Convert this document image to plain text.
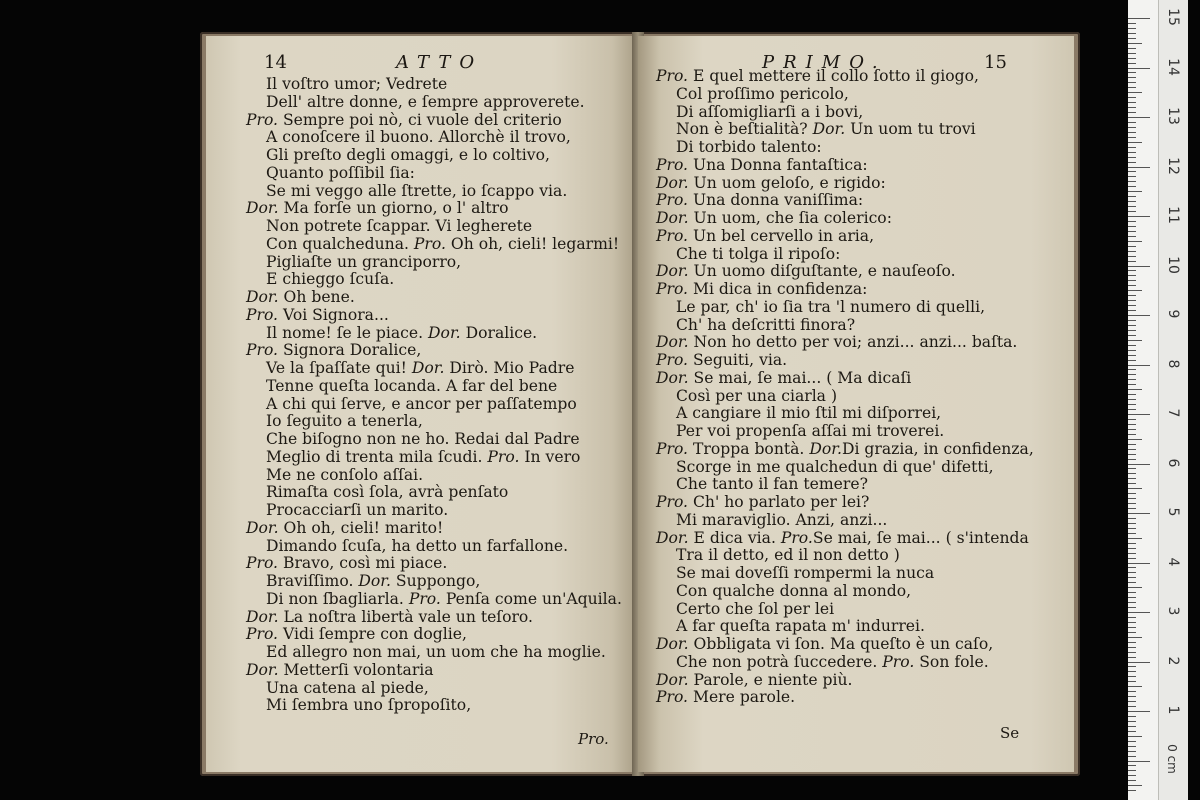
14	ATTO
Il voſtro umor; Vedrete
Dell' altre donne, e ſempre approverete.
Pro. Sempre poi nò, ci vuole del criterio
A conoſcere il buono. Allorchè il trovo,
Gli preſto degli omaggi, e lo coltivo,
Quanto poſſibil ſia:
Se mi veggo alle ſtrette, io ſcappo via.
Dor. Ma forſe un giorno, o l' altro
Non potrete ſcappar. Vi legherete
Con qualcheduna. Pro. Oh oh, cieli! legarmi!
Pigliaſte un granciporro,
E chieggo ſcuſa.
Dor. Oh bene.
Pro. Voi Signora...
Il nome! ſe le piace. Dor. Doralice.
Pro. Signora Doralice,
Ve la ſpaſſate qui! Dor. Dirò. Mio Padre
Tenne queſta locanda. A far del bene
A chi qui ſerve, e ancor per paſſatempo
Io ſeguito a tenerla,
Che biſogno non ne ho. Redai dal Padre
Meglio di trenta mila ſcudi. Pro. In vero
Me ne conſolo aſſai.
Rimaſta così ſola, avrà penſato
Procacciarſi un marito.
Dor. Oh oh, cieli! marito!
Dimando ſcuſa, ha detto un farfallone.
Pro. Bravo, così mi piace.
Braviſſimo. Dor. Suppongo,
Di non ſbagliarla. Pro. Penſa come un'Aquila.
Dor. La noſtra libertà vale un teſoro.
Pro. Vidi ſempre con doglie,
Ed allegro non mai, un uom che ha moglie.
Dor. Metterſi volontaria
Una catena al piede,
Mi ſembra uno ſpropoſito,
Pro.
PRIMO.	15
Pro. E quel mettere il collo ſotto il giogo,
Col proſſimo pericolo,
Di aſſomigliarſi a i bovi,
Non è beſtialità? Dor. Un uom tu trovi
Di torbido talento:
Pro. Una Donna fantaſtica:
Dor. Un uom geloſo, e rigido:
Pro. Una donna vaniſſima:
Dor. Un uom, che ſia colerico:
Pro. Un bel cervello in aria,
Che ti tolga il ripoſo:
Dor. Un uomo diſguſtante, e nauſeoſo.
Pro. Mi dica in confidenza:
Le par, ch' io ſia tra 'l numero di quelli,
Ch' ha deſcritti finora?
Dor. Non ho detto per voi; anzi... anzi... baſta.
Pro. Seguiti, via.
Dor. Se mai, ſe mai... ( Ma dicaſi
Così per una ciarla )
A cangiare il mio ſtil mi diſporrei,
Per voi propenſa aſſai mi troverei.
Pro. Troppa bontà. Dor.Di grazia, in confidenza,
Scorge in me qualchedun di que' difetti,
Che tanto il fan temere?
Pro. Ch' ho parlato per lei?
Mi maraviglio. Anzi, anzi...
Dor. E dica via. Pro.Se mai, ſe mai... ( s'intenda
Tra il detto, ed il non detto )
Se mai doveſſi rompermi la nuca
Con qualche donna al mondo,
Certo che ſol per lei
A far queſta rapata m' indurrei.
Dor. Obbligata vi ſon. Ma queſto è un caſo,
Che non potrà ſuccedere. Pro. Son fole.
Dor. Parole, e niente più.
Pro. Mere parole.
Se
15
14
13
12
11
10
9
8
7
6
5
4
3
2
1
0 cm
